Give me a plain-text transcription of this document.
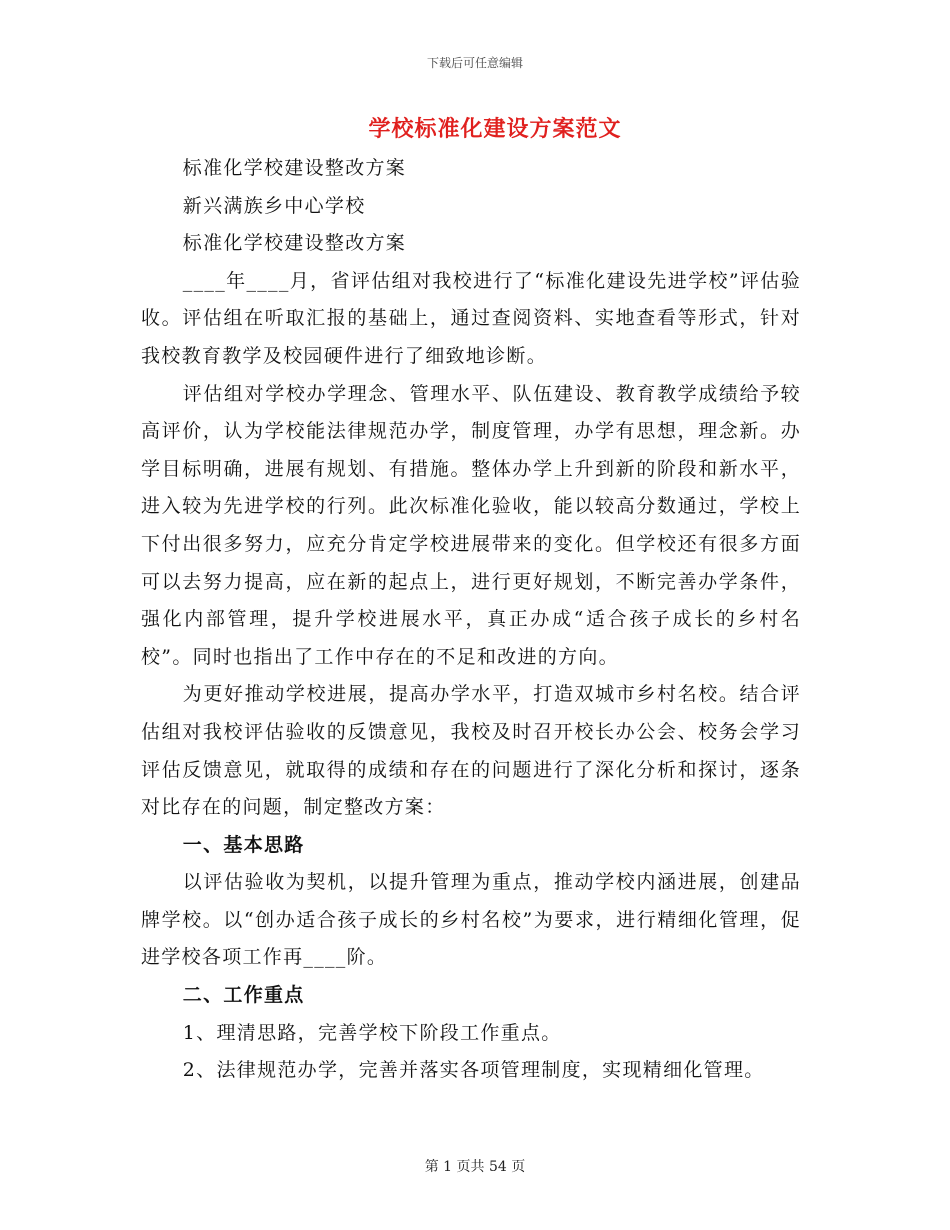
下载后可任意编辑
学校标准化建设方案范文

标准化学校建设整改方案

新兴满族乡中心学校

标准化学校建设整改方案

____年____月，省评估组对我校进行了“标准化建设先进学校”评估验收。评估组在听取汇报的基础上，通过查阅资料、实地查看等形式，针对我校教育教学及校园硬件进行了细致地诊断。

评估组对学校办学理念、管理水平、队伍建设、教育教学成绩给予较高评价，认为学校能法律规范办学，制度管理，办学有思想，理念新。办学目标明确，进展有规划、有措施。整体办学上升到新的阶段和新水平，进入较为先进学校的行列。此次标准化验收，能以较高分数通过，学校上下付出很多努力，应充分肯定学校进展带来的变化。但学校还有很多方面可以去努力提高，应在新的起点上，进行更好规划，不断完善办学条件，强化内部管理，提升学校进展水平，真正办成“适合孩子成长的乡村名校”。同时也指出了工作中存在的不足和改进的方向。

为更好推动学校进展，提高办学水平，打造双城市乡村名校。结合评估组对我校评估验收的反馈意见，我校及时召开校长办公会、校务会学习评估反馈意见，就取得的成绩和存在的问题进行了深化分析和探讨，逐条对比存在的问题，制定整改方案：

一、基本思路

以评估验收为契机，以提升管理为重点，推动学校内涵进展，创建品牌学校。以“创办适合孩子成长的乡村名校”为要求，进行精细化管理，促进学校各项工作再____阶。

二、工作重点

1、理清思路，完善学校下阶段工作重点。

2、法律规范办学，完善并落实各项管理制度，实现精细化管理。

第 1 页共 54 页
